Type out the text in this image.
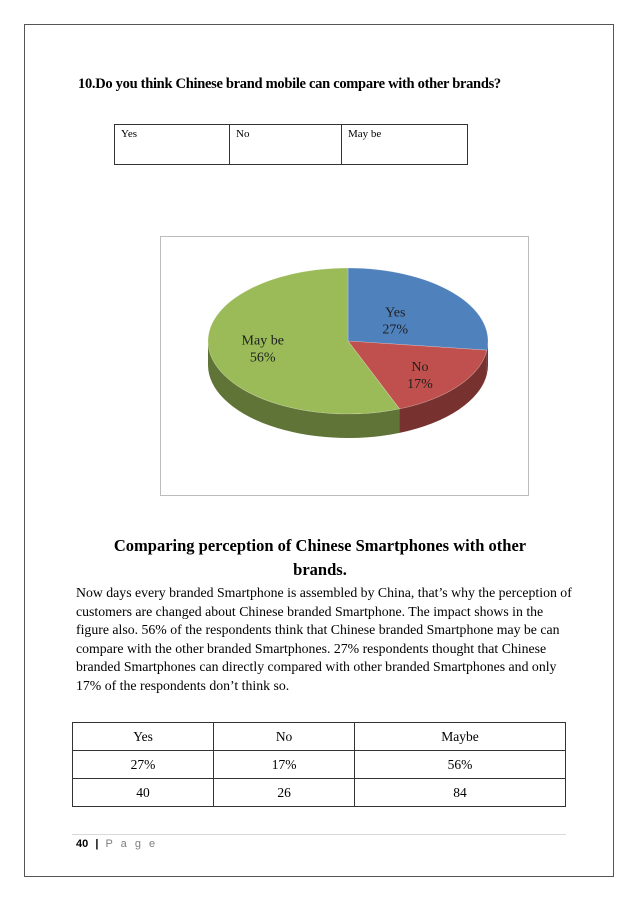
10.Do you think Chinese brand mobile can compare with other brands?
Yes	No	May be
Yes
27%
No
17%
May be
56%
Comparing perception of Chinese Smartphones with other brands.
Now days every branded Smartphone is assembled by China, that’s why the perception of customers are changed about Chinese branded Smartphone. The impact shows in the figure also. 56% of the respondents think that Chinese branded Smartphone may be can compare with the other branded Smartphones. 27% respondents thought that Chinese branded Smartphones can directly compared with other branded Smartphones and only 17% of the respondents don’t think so.
Yes	No	Maybe
27%	17%	56%
40	26	84
40 | P a g e
